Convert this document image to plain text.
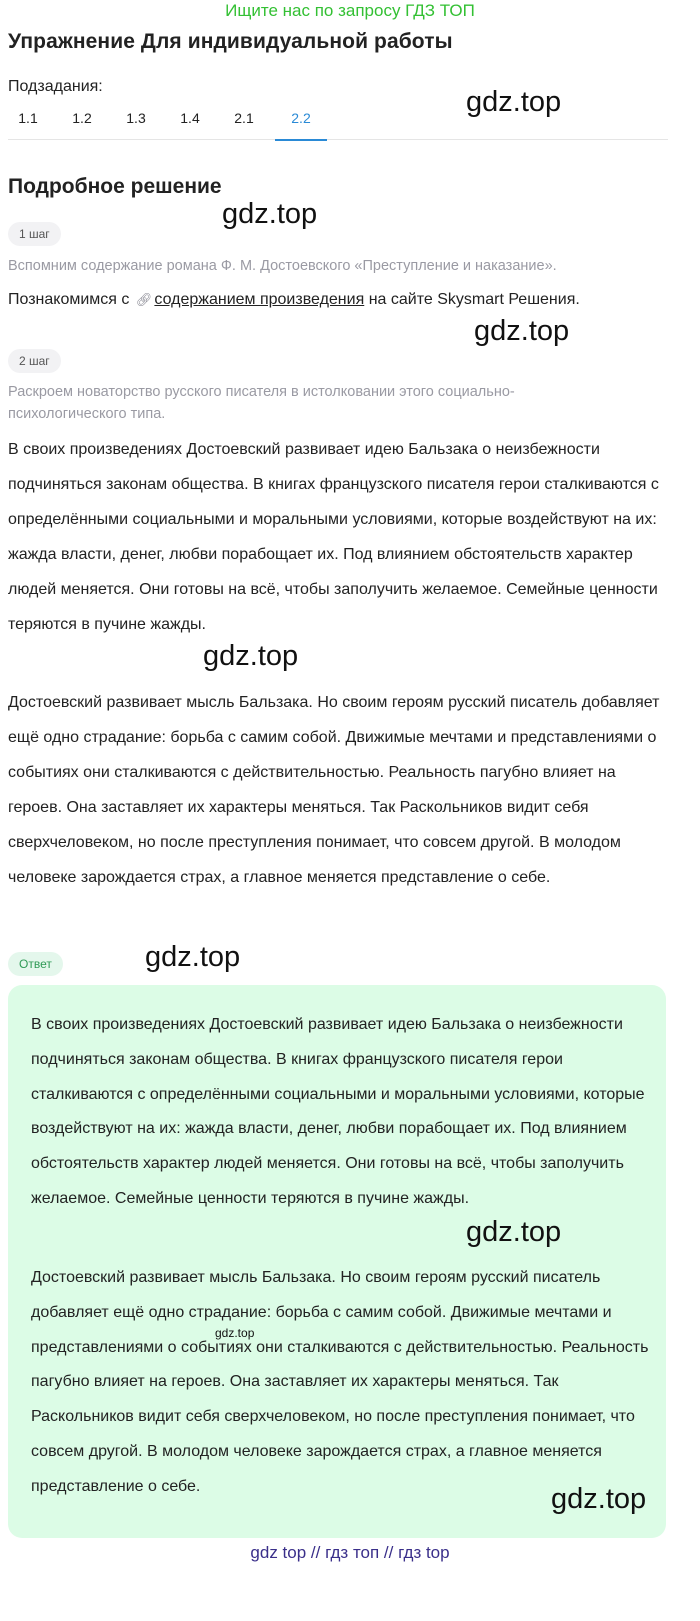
Ищите нас по запросу ГДЗ ТОП
Упражнение Для индивидуальной работы
Подзадания:
1.1	1.2	1.3	1.4	2.1	2.2
Подробное решение
1 шаг
Вспомним содержание романа Ф. М. Достоевского «Преступление и наказание».
Познакомимся с 🔗︎ содержанием произведения на сайте Skysmart Решения.
2 шаг
Раскроем новаторство русского писателя в истолковании этого социально-психологического типа.
В своих произведениях Достоевский развивает идею Бальзака о неизбежности подчиняться законам общества. В книгах французского писателя герои сталкиваются с определёнными социальными и моральными условиями, которые воздействуют на их: жажда власти, денег, любви порабощает их. Под влиянием обстоятельств характер людей меняется. Они готовы на всё, чтобы заполучить желаемое. Семейные ценности теряются в пучине жажды.
Достоевский развивает мысль Бальзака. Но своим героям русский писатель добавляет ещё одно страдание: борьба с самим собой. Движимые мечтами и представлениями о событиях они сталкиваются с действительностью. Реальность пагубно влияет на героев. Она заставляет их характеры меняться. Так Раскольников видит себя сверхчеловеком, но после преступления понимает, что совсем другой. В молодом человеке зарождается страх, а главное меняется представление о себе.
Ответ
В своих произведениях Достоевский развивает идею Бальзака о неизбежности подчиняться законам общества. В книгах французского писателя герои сталкиваются с определёнными социальными и моральными условиями, которые воздействуют на их: жажда власти, денег, любви порабощает их. Под влиянием обстоятельств характер людей меняется. Они готовы на всё, чтобы заполучить желаемое. Семейные ценности теряются в пучине жажды.
Достоевский развивает мысль Бальзака. Но своим героям русский писатель добавляет ещё одно страдание: борьба с самим собой. Движимые мечтами и представлениями о событиях они сталкиваются с действительностью. Реальность пагубно влияет на героев. Она заставляет их характеры меняться. Так Раскольников видит себя сверхчеловеком, но после преступления понимает, что совсем другой. В молодом человеке зарождается страх, а главное меняется представление о себе.
gdz.top
gdz.top
gdz.top
gdz.top
gdz.top
gdz.top
gdz.top
gdz.top
gdz top // гдз топ // гдз top
